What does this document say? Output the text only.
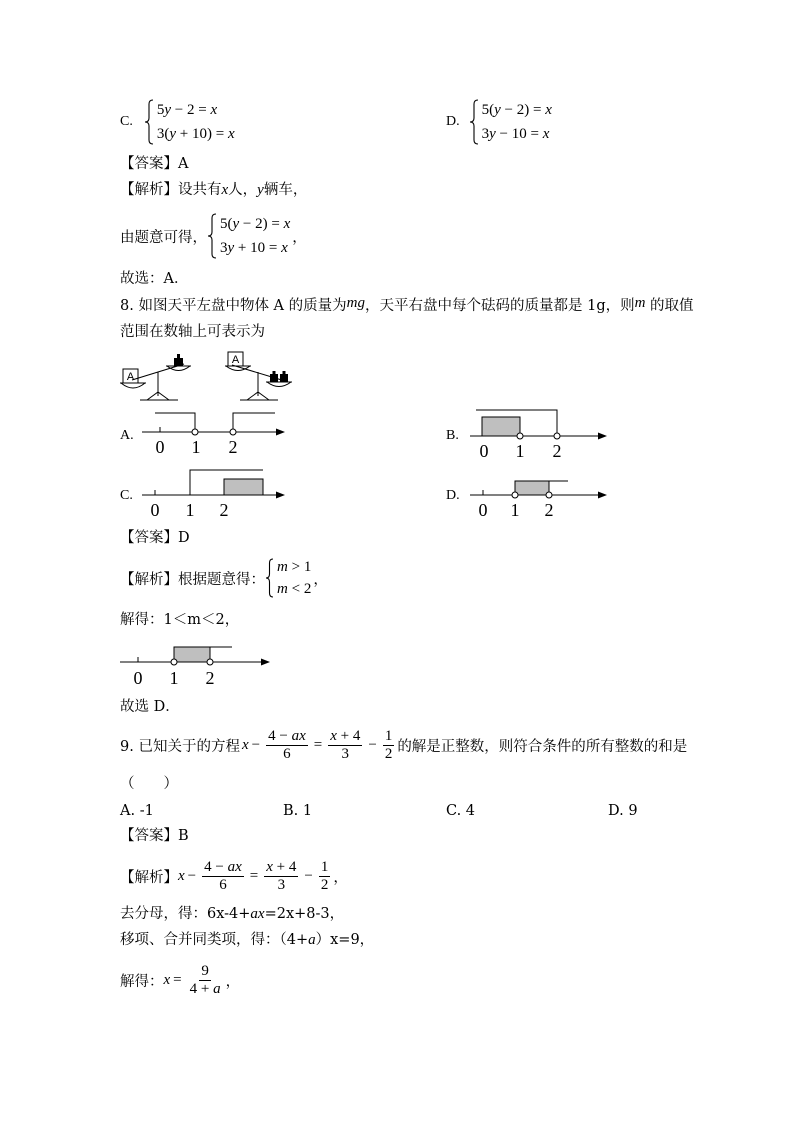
C.
5y − 2 = x
3(y + 10) = x
D.
5(y − 2) = x
3y − 10 = x
【答案】A
【解析】设共有x人，y辆车，
由题意可得，
5(y − 2) = x
3y + 10 = x
，
故选：A．
8. 如图天平左盘中物体 A 的质量为mg，天平右盘中每个砝码的质量都是 1g，则m 的取值
范围在数轴上可表示为
A.	B.
C.	D.
【答案】D
【解析】根据题意得：
m > 1
m < 2
，
解得：1＜m＜2，
故选 D．
9. 已知关于的方程 $x - \frac{4 - ax}{6} = \frac{x + 4}{3} - \frac{1}{2}$ 的解是正整数，则符合条件的所有整数的和是
（　　）
A. -1	B. 1	C. 4	D. 9
【答案】B
【解析】 $x - \frac{4 - ax}{6} = \frac{x + 4}{3} - \frac{1}{2}$ ，
去分母，得：6x-4+ax=2x+8-3，
移项、合并同类项，得：（4+a）x=9，
解得： $x = \frac{9}{4 + a}$ ，
A
A
0 1 2	0 1 2
0 1 2	0 1 2
0 1 2
